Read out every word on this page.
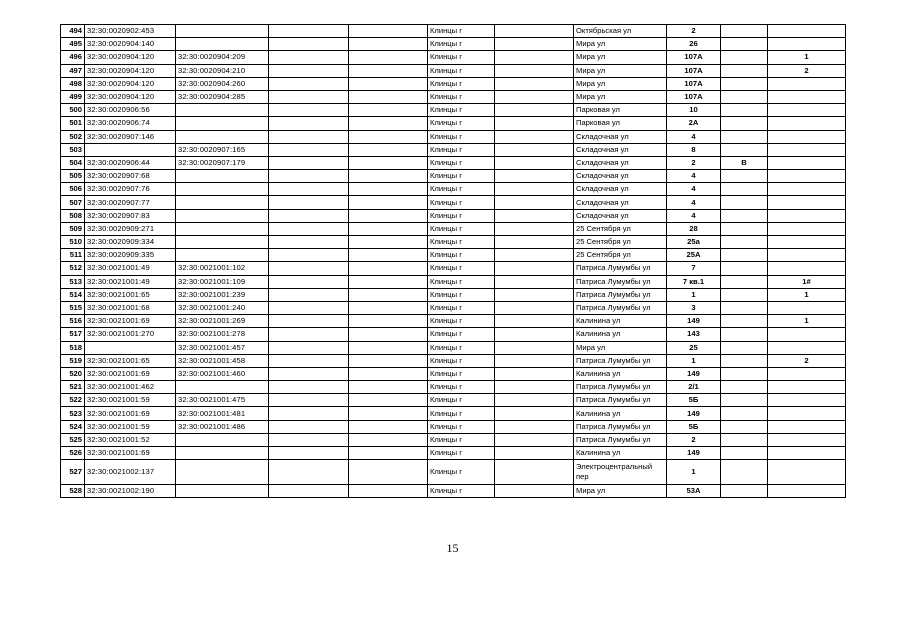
494	32:30:0020902:453				Клинцы г		Октябрьская ул	2		
495	32:30:0020904:140				Клинцы г		Мира ул	26		
496	32:30:0020904:120	32:30:0020904:209			Клинцы г		Мира ул	107А		1
497	32:30:0020904:120	32:30:0020904:210			Клинцы г		Мира ул	107А		2
498	32:30:0020904:120	32:30:0020904:260			Клинцы г		Мира ул	107А		
499	32:30:0020904:120	32:30:0020904:285			Клинцы г		Мира ул	107А		
500	32:30:0020906:56				Клинцы г		Парковая ул	10		
501	32:30:0020906:74				Клинцы г		Парковая ул	2А		
502	32:30:0020907:146				Клинцы г		Складочная ул	4		
503		32:30:0020907:165			Клинцы г		Складочная ул	8		
504	32:30:0020906:44	32:30:0020907:179			Клинцы г		Складочная ул	2	В	
505	32:30:0020907:68				Клинцы г		Складочная ул	4		
506	32:30:0020907:76				Клинцы г		Складочная ул	4		
507	32:30:0020907:77				Клинцы г		Складочная ул	4		
508	32:30:0020907:83				Клинцы г		Складочная ул	4		
509	32:30:0020909:271				Клинцы г		25 Сентября ул	28		
510	32:30:0020909:334				Клинцы г		25 Сентября ул	25а		
511	32:30:0020909:335				Клинцы г		25 Сентября ул	25А		
512	32:30:0021001:49	32:30:0021001:102			Клинцы г		Патриса Лумумбы ул	7		
513	32:30:0021001:49	32:30:0021001:109			Клинцы г		Патриса Лумумбы ул	7 кв.1		1#
514	32:30:0021001:65	32:30:0021001:239			Клинцы г		Патриса Лумумбы ул	1		1
515	32:30:0021001:68	32:30:0021001:240			Клинцы г		Патриса Лумумбы ул	3		
516	32:30:0021001:69	32:30:0021001:269			Клинцы г		Калинина ул	149		1
517	32:30:0021001:270	32:30:0021001:278			Клинцы г		Калинина ул	143		
518		32:30:0021001:457			Клинцы г		Мира ул	25		
519	32:30:0021001:65	32:30:0021001:458			Клинцы г		Патриса Лумумбы ул	1		2
520	32:30:0021001:69	32:30:0021001:460			Клинцы г		Калинина ул	149		
521	32:30:0021001:462				Клинцы г		Патриса Лумумбы ул	2/1		
522	32:30:0021001:59	32:30:0021001:475			Клинцы г		Патриса Лумумбы ул	5Б		
523	32:30:0021001:69	32:30:0021001:481			Клинцы г		Калинина ул	149		
524	32:30:0021001:59	32:30:0021001:486			Клинцы г		Патриса Лумумбы ул	5Б		
525	32:30:0021001:52				Клинцы г		Патриса Лумумбы ул	2		
526	32:30:0021001:69				Клинцы г		Калинина ул	149		
527	32:30:0021002:137				Клинцы г		Электроцентральный пер	1		
528	32:30:0021002:190				Клинцы г		Мира ул	53А		
15
